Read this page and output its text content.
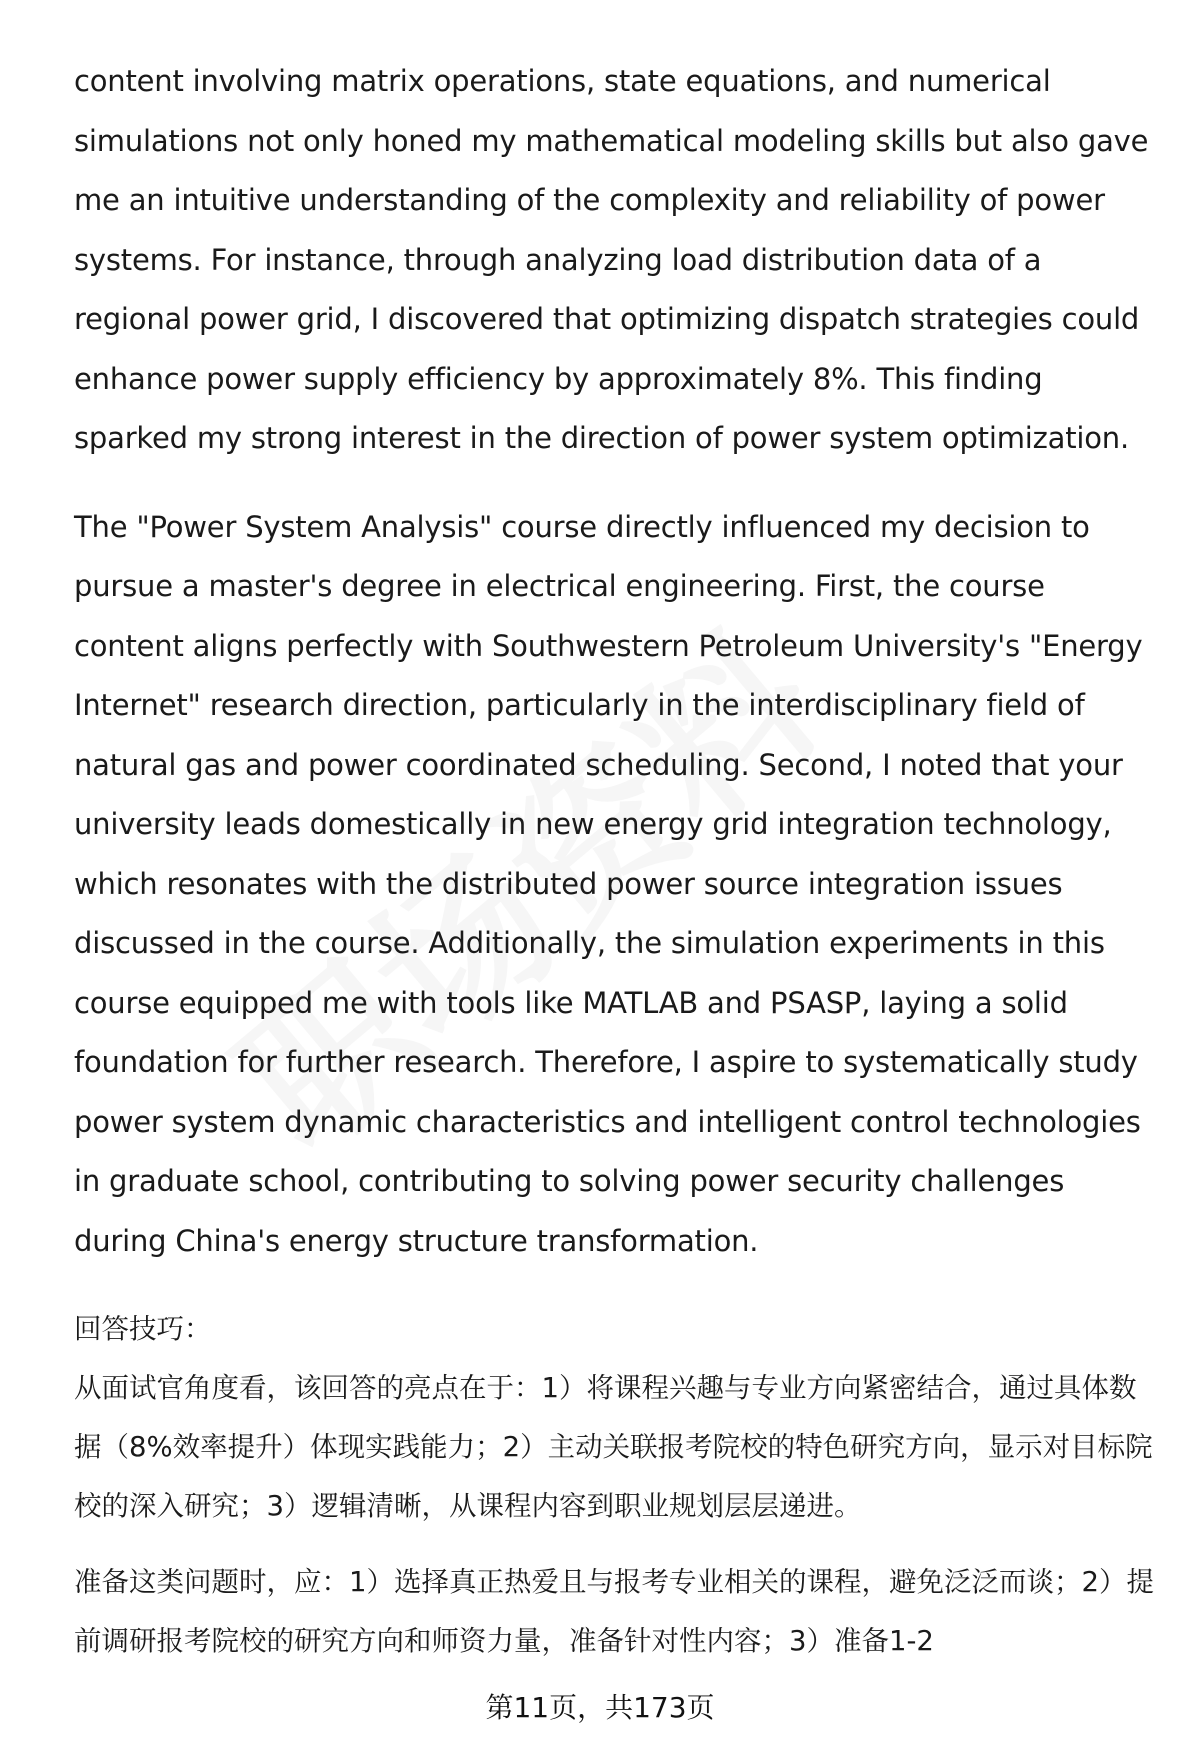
content involving matrix operations, state equations, and numerical simulations not only honed my mathematical modeling skills but also gave me an intuitive understanding of the complexity and reliability of power systems. For instance, through analyzing load distribution data of a regional power grid, I discovered that optimizing dispatch strategies could enhance power supply efficiency by approximately 8%. This finding sparked my strong interest in the direction of power system optimization.

The "Power System Analysis" course directly influenced my decision to pursue a master's degree in electrical engineering. First, the course content aligns perfectly with Southwestern Petroleum University's "Energy Internet" research direction, particularly in the interdisciplinary field of natural gas and power coordinated scheduling. Second, I noted that your university leads domestically in new energy grid integration technology, which resonates with the distributed power source integration issues discussed in the course. Additionally, the simulation experiments in this course equipped me with tools like MATLAB and PSASP, laying a solid foundation for further research. Therefore, I aspire to systematically study power system dynamic characteristics and intelligent control technologies in graduate school, contributing to solving power security challenges during China's energy structure transformation.

回答技巧：

从面试官角度看，该回答的亮点在于：1）将课程兴趣与专业方向紧密结合，通过具体数据（8%效率提升）体现实践能力；2）主动关联报考院校的特色研究方向，显示对目标院校的深入研究；3）逻辑清晰，从课程内容到职业规划层层递进。

准备这类问题时，应：1）选择真正热爱且与报考专业相关的课程，避免泛泛而谈；2）提前调研报考院校的研究方向和师资力量，准备针对性内容；3）准备1-2

第11页，共173页
